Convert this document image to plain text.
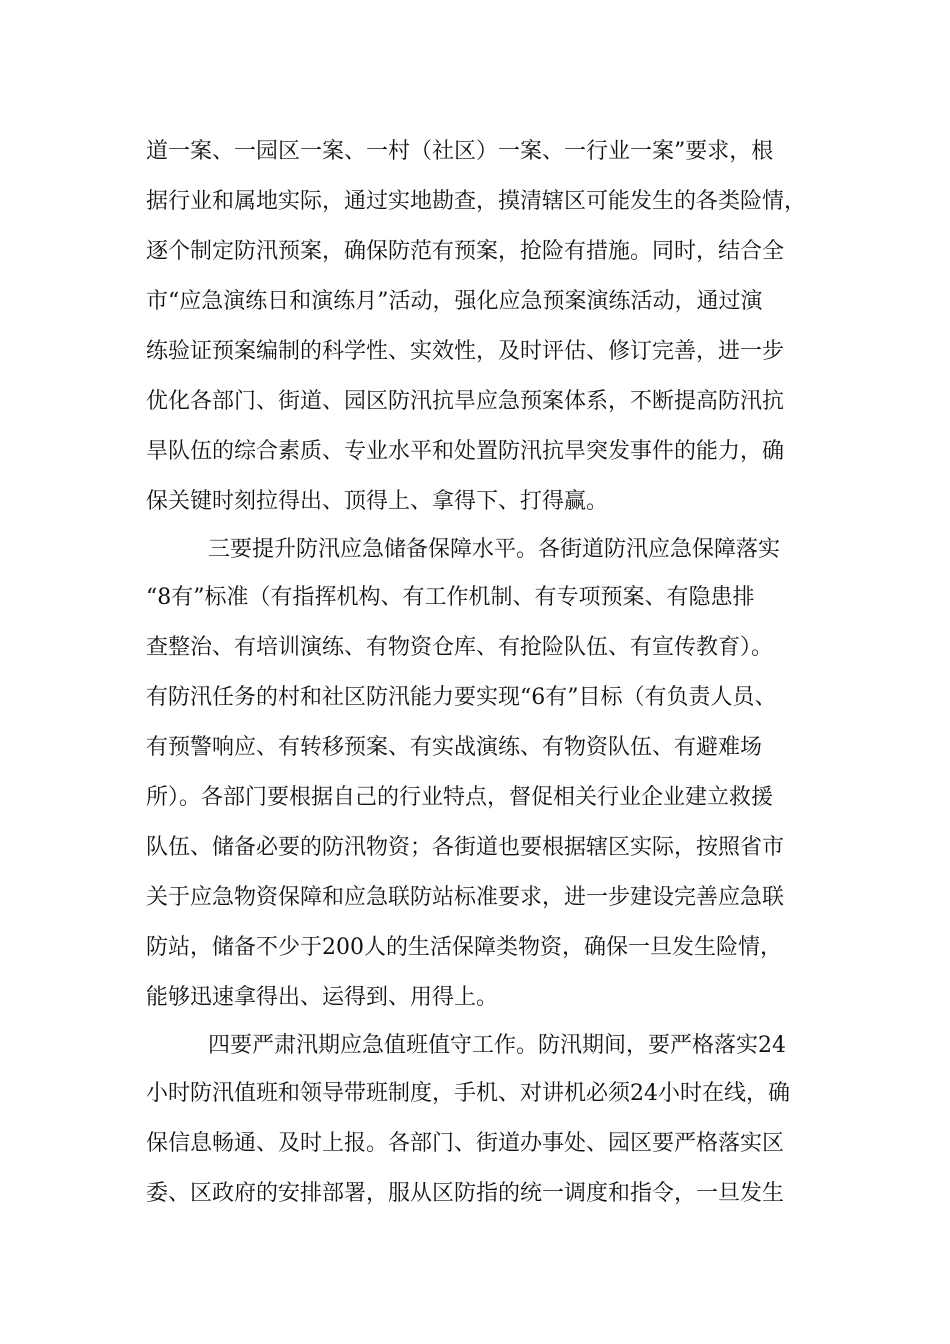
道一案、一园区一案、一村（社区）一案、一行业一案”要求，根
据行业和属地实际，通过实地勘查，摸清辖区可能发生的各类险情，
逐个制定防汛预案，确保防范有预案，抢险有措施。同时，结合全
市“应急演练日和演练月”活动，强化应急预案演练活动，通过演
练验证预案编制的科学性、实效性，及时评估、修订完善，进一步
优化各部门、街道、园区防汛抗旱应急预案体系，不断提高防汛抗
旱队伍的综合素质、专业水平和处置防汛抗旱突发事件的能力，确
保关键时刻拉得出、顶得上、拿得下、打得赢。
三要提升防汛应急储备保障水平。各街道防汛应急保障落实
“8有”标准（有指挥机构、有工作机制、有专项预案、有隐患排
查整治、有培训演练、有物资仓库、有抢险队伍、有宣传教育）。
有防汛任务的村和社区防汛能力要实现“6有”目标（有负责人员、
有预警响应、有转移预案、有实战演练、有物资队伍、有避难场
所）。各部门要根据自己的行业特点，督促相关行业企业建立救援
队伍、储备必要的防汛物资；各街道也要根据辖区实际，按照省市
关于应急物资保障和应急联防站标准要求，进一步建设完善应急联
防站，储备不少于200人的生活保障类物资，确保一旦发生险情，
能够迅速拿得出、运得到、用得上。
四要严肃汛期应急值班值守工作。防汛期间，要严格落实24
小时防汛值班和领导带班制度，手机、对讲机必须24小时在线，确
保信息畅通、及时上报。各部门、街道办事处、园区要严格落实区
委、区政府的安排部署，服从区防指的统一调度和指令，一旦发生
